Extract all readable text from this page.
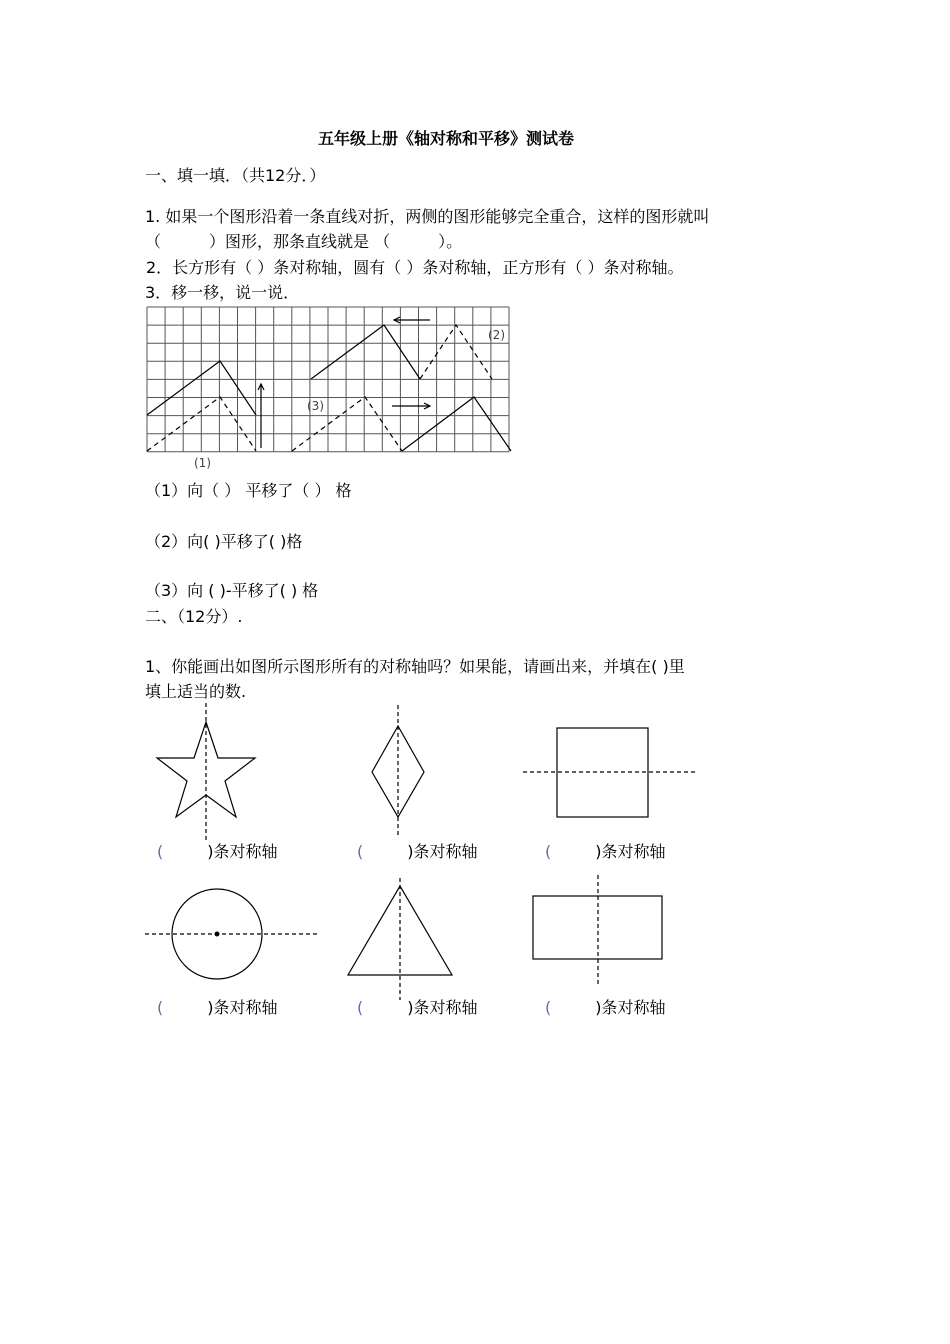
五年级上册《轴对称和平移》测试卷
一、填一填．（共12分．）
1. 如果一个图形沿着一条直线对折，两侧的图形能够完全重合，这样的图形就叫
（　　　）图形，那条直线就是 （　　　）。
2．长方形有（ ）条对称轴，圆有（ ）条对称轴，正方形有（ ）条对称轴。
3．移一移，说一说．
(2)
(3)
(1)
（1）向（ ） 平移了（ ） 格
（2）向( )平移了( )格
（3）向 ( )-平移了( ) 格
二、（12分）.
1、你能画出如图所示图形所有的对称轴吗？如果能，请画出来，并填在( )里
填上适当的数.
(	)条对称轴	(	)条对称轴	(	)条对称轴
(	)条对称轴	(	)条对称轴	(	)条对称轴
